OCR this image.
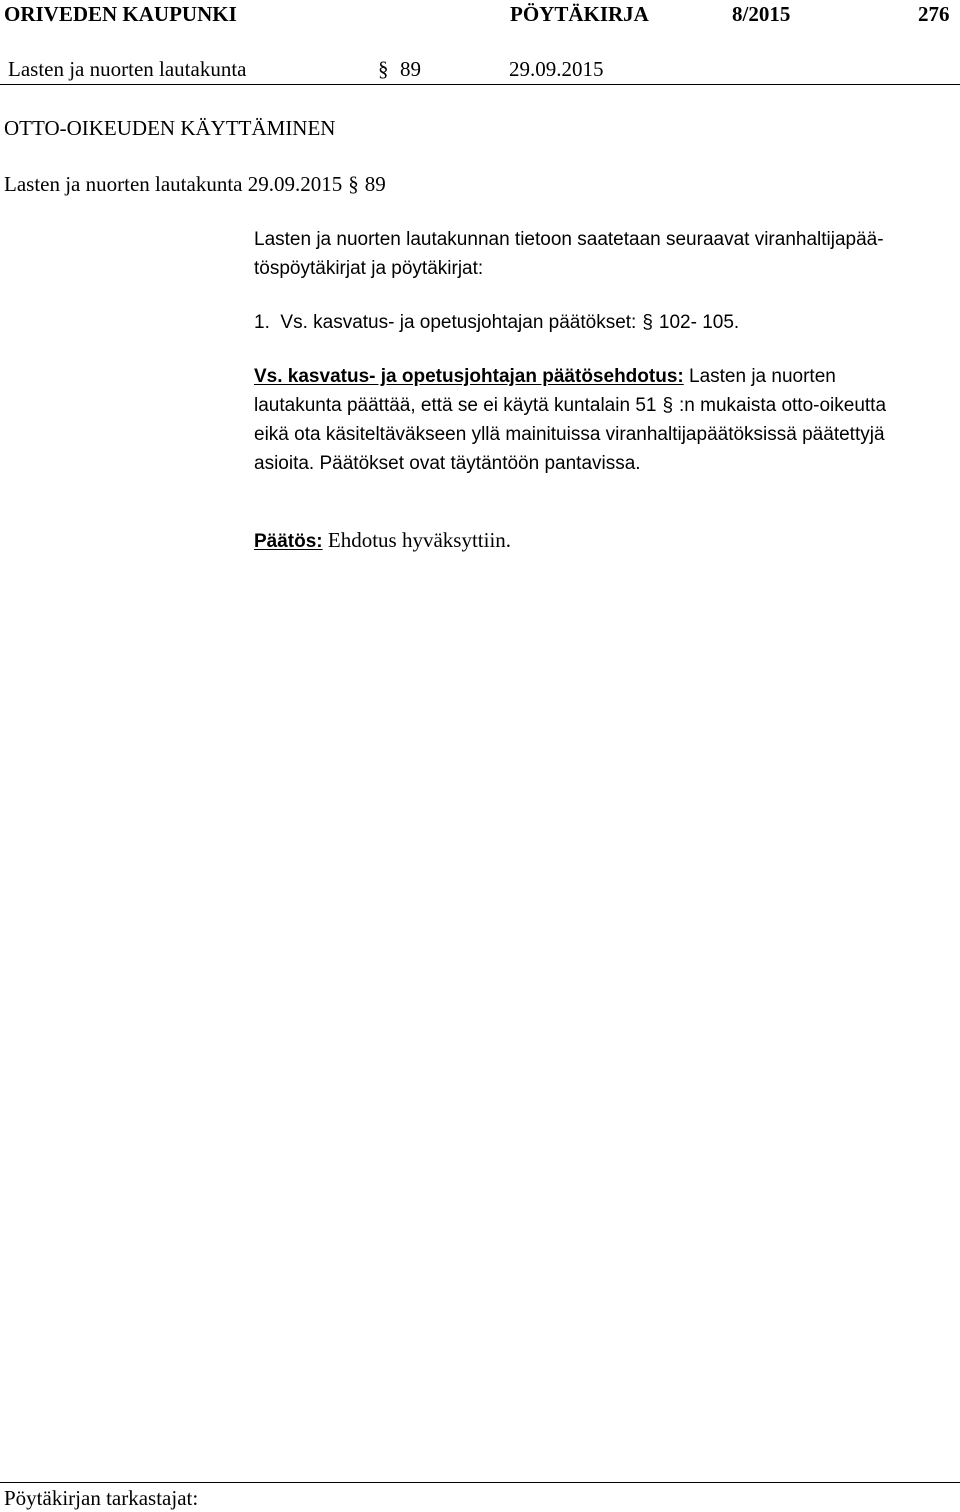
ORIVEDEN KAUPUNKI	PÖYTÄKIRJA	8/2015	276
Lasten ja nuorten lautakunta	§ 89	29.09.2015
OTTO-OIKEUDEN KÄYTTÄMINEN
Lasten ja nuorten lautakunta 29.09.2015 § 89
Lasten ja nuorten lautakunnan tietoon saatetaan seuraavat viranhaltijapää-
töspöytäkirjat ja pöytäkirjat:
1.  Vs. kasvatus- ja opetusjohtajan päätökset: § 102- 105.
Vs. kasvatus- ja opetusjohtajan päätösehdotus: Lasten ja nuorten
lautakunta päättää, että se ei käytä kuntalain 51 § :n mukaista otto-oikeutta
eikä ota käsiteltäväkseen yllä mainituissa viranhaltijapäätöksissä päätettyjä
asioita. Päätökset ovat täytäntöön pantavissa.
Päätös: Ehdotus hyväksyttiin.
Pöytäkirjan tarkastajat:
